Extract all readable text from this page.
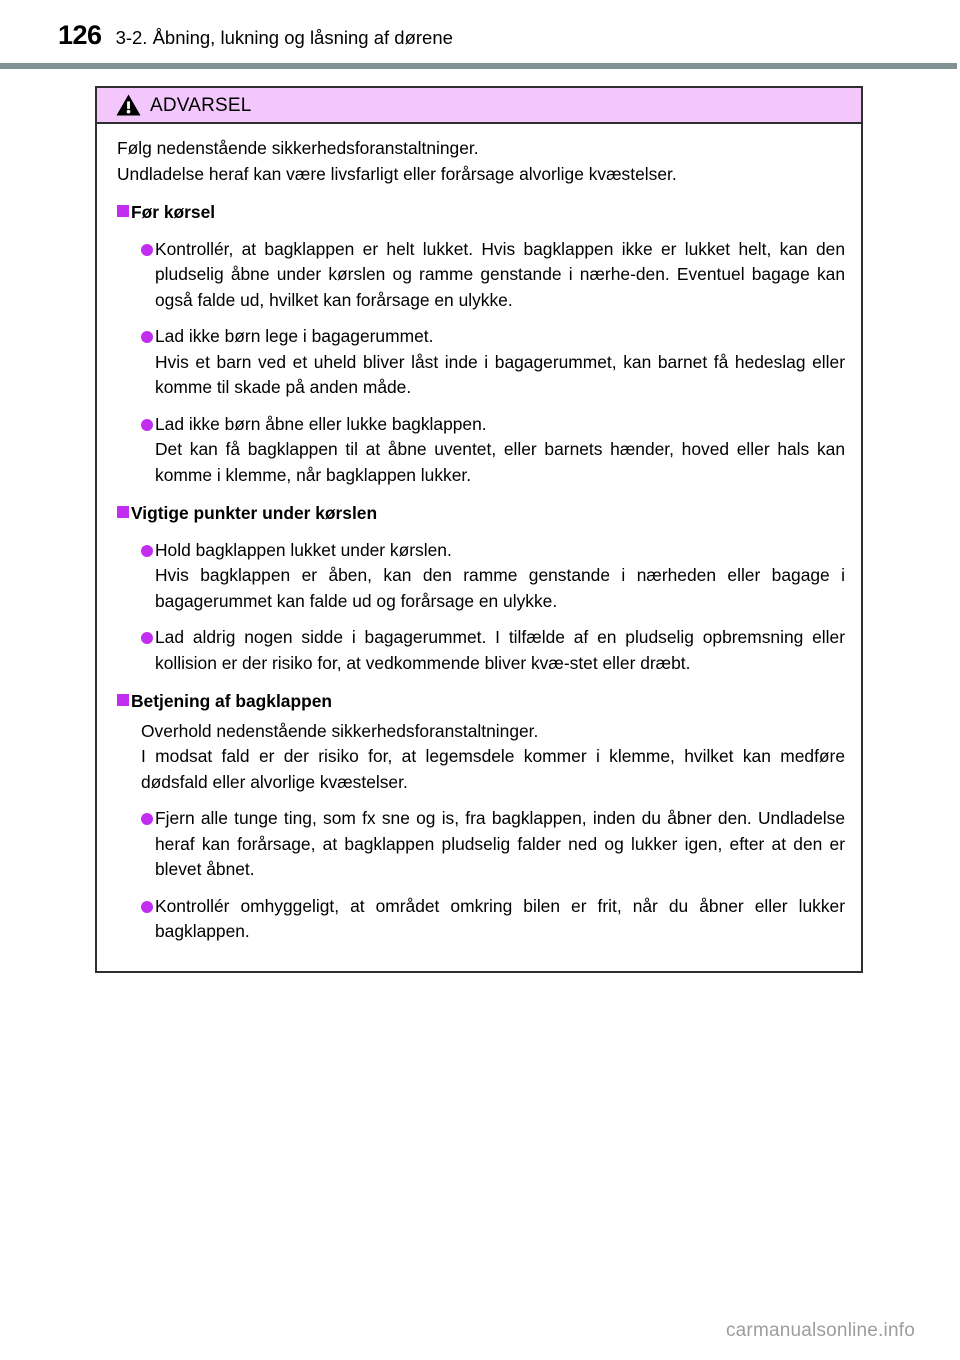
126 3-2. Åbning, lukning og låsning af dørene
ADVARSEL
Følg nedenstående sikkerhedsforanstaltninger.
Undladelse heraf kan være livsfarligt eller forårsage alvorlige kvæstelser.
Før kørsel

Kontrollér, at bagklappen er helt lukket. Hvis bagklappen ikke er lukket helt, kan den pludselig åbne under kørslen og ramme genstande i nærhe-den. Eventuel bagage kan også falde ud, hvilket kan forårsage en ulykke.

Lad ikke børn lege i bagagerummet.

Hvis et barn ved et uheld bliver låst inde i bagagerummet, kan barnet få hedeslag eller komme til skade på anden måde.

Lad ikke børn åbne eller lukke bagklappen.

Det kan få bagklappen til at åbne uventet, eller barnets hænder, hoved eller hals kan komme i klemme, når bagklappen lukker.

Vigtige punkter under kørslen
Hold bagklappen lukket under kørslen.

Hvis bagklappen er åben, kan den ramme genstande i nærheden eller bagage i bagagerummet kan falde ud og forårsage en ulykke.

Lad aldrig nogen sidde i bagagerummet. I tilfælde af en pludselig opbremsning eller kollision er der risiko for, at vedkommende bliver kvæ-stet eller dræbt.

Betjening af bagklappen
Overhold nedenstående sikkerhedsforanstaltninger.

I modsat fald er der risiko for, at legemsdele kommer i klemme, hvilket kan medføre dødsfald eller alvorlige kvæstelser.

Fjern alle tunge ting, som fx sne og is, fra bagklappen, inden du åbner den. Undladelse heraf kan forårsage, at bagklappen pludselig falder ned og lukker igen, efter at den er blevet åbnet.

Kontrollér omhyggeligt, at området omkring bilen er frit, når du åbner eller lukker bagklappen.

carmanualsonline.info
